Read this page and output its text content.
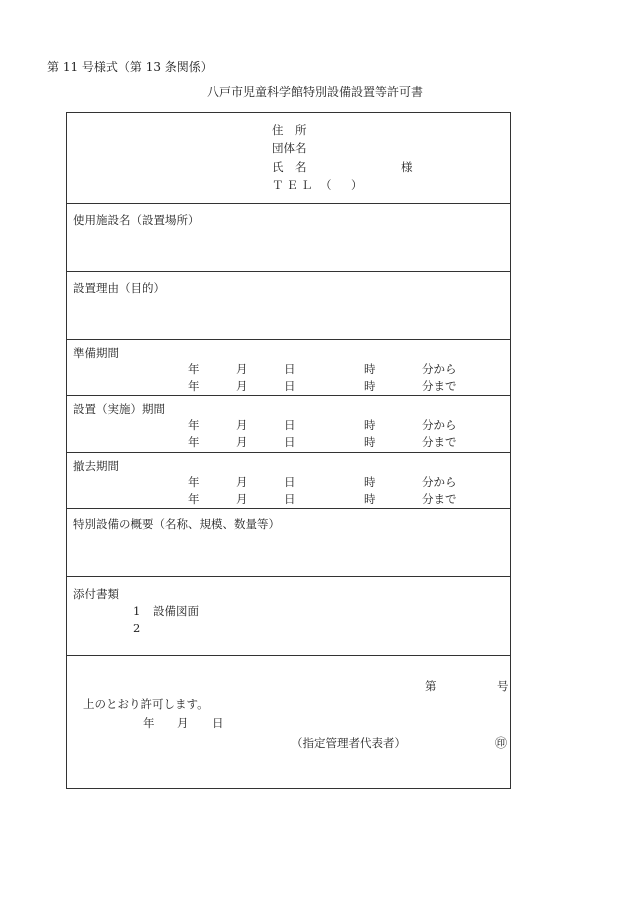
第 11 号様式（第 13 条関係）
八戸市児童科学館特別設備設置等許可書
住　所
団体名
氏　名	様
ＴＥＬ （ ）
使用施設名（設置場所）
設置理由（目的）
準備期間
年	月	日	時	分から
年	月	日	時	分まで
設置（実施）期間
年	月	日	時	分から
年	月	日	時	分まで
撤去期間
年	月	日	時	分から
年	月	日	時	分まで
特別設備の概要（名称、規模、数量等）
添付書類
1 設備図面
2
第	号
上のとおり許可します。
年 月 日
（指定管理者代表者）	㊞
